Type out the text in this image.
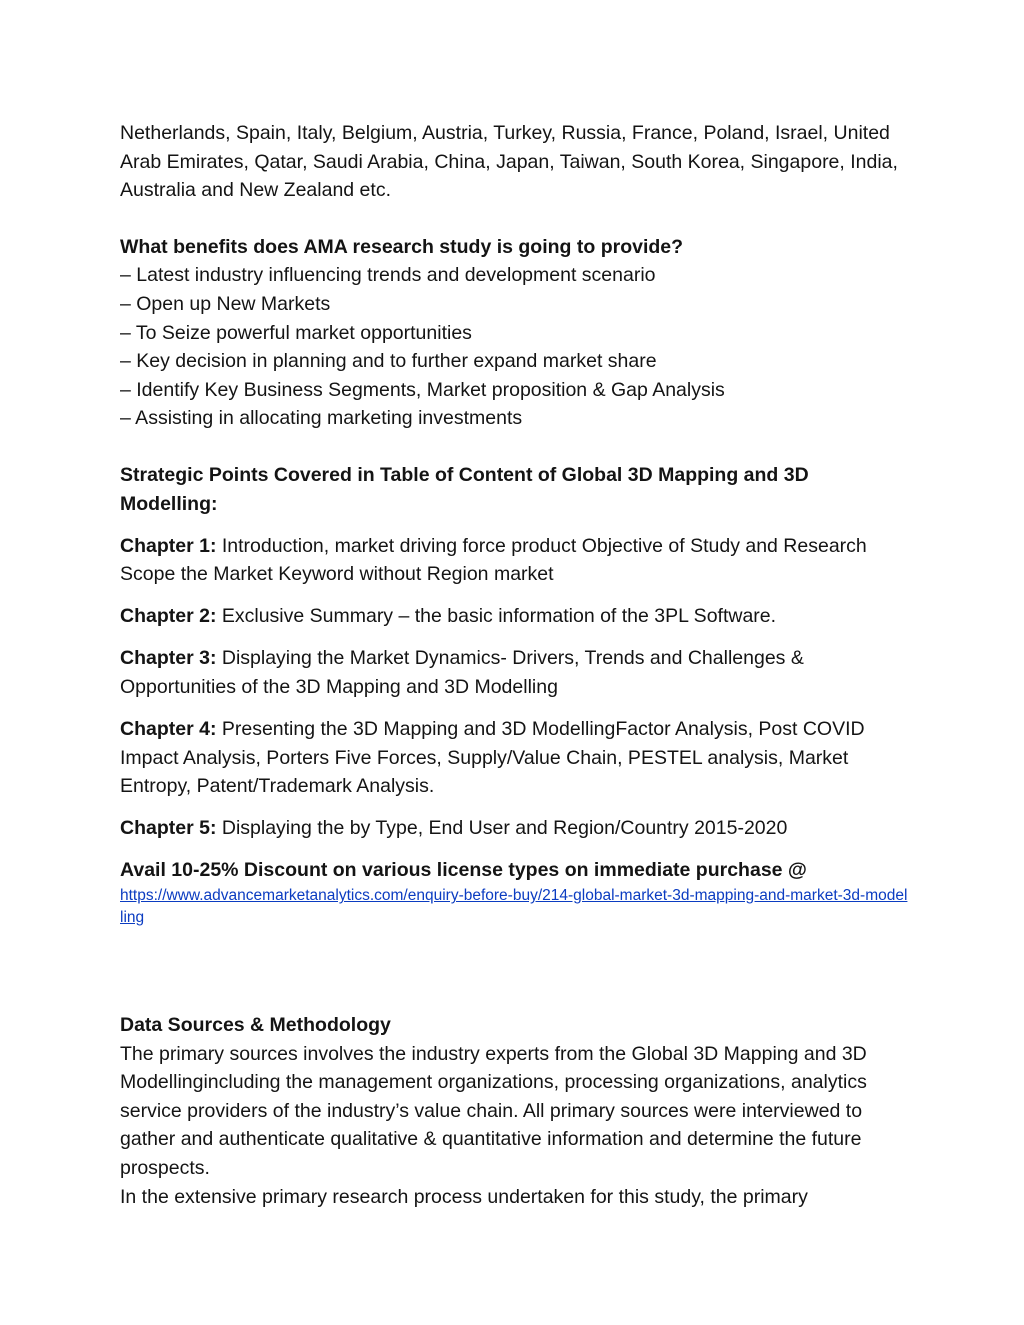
Netherlands, Spain, Italy, Belgium, Austria, Turkey, Russia, France, Poland, Israel, United Arab Emirates, Qatar, Saudi Arabia, China, Japan, Taiwan, South Korea, Singapore, India, Australia and New Zealand etc.

What benefits does AMA research study is going to provide?

– Latest industry influencing trends and development scenario

– Open up New Markets

– To Seize powerful market opportunities

– Key decision in planning and to further expand market share

– Identify Key Business Segments, Market proposition & Gap Analysis

– Assisting in allocating marketing investments

Strategic Points Covered in Table of Content of Global 3D Mapping and 3D Modelling:

Chapter 1: Introduction, market driving force product Objective of Study and Research Scope the Market Keyword without Region market

Chapter 2: Exclusive Summary – the basic information of the 3PL Software.

Chapter 3: Displaying the Market Dynamics- Drivers, Trends and Challenges & Opportunities of the 3D Mapping and 3D Modelling

Chapter 4: Presenting the 3D Mapping and 3D ModellingFactor Analysis, Post COVID Impact Analysis, Porters Five Forces, Supply/Value Chain, PESTEL analysis, Market Entropy, Patent/Trademark Analysis.

Chapter 5: Displaying the by Type, End User and Region/Country 2015-2020

Avail 10-25% Discount on various license types on immediate purchase @

https://www.advancemarketanalytics.com/enquiry-before-buy/214-global-market-3d-mapping-and-market-3d-modelling

Data Sources & Methodology

The primary sources involves the industry experts from the Global 3D Mapping and 3D Modellingincluding the management organizations, processing organizations, analytics service providers of the industry’s value chain. All primary sources were interviewed to gather and authenticate qualitative & quantitative information and determine the future prospects.

In the extensive primary research process undertaken for this study, the primary
